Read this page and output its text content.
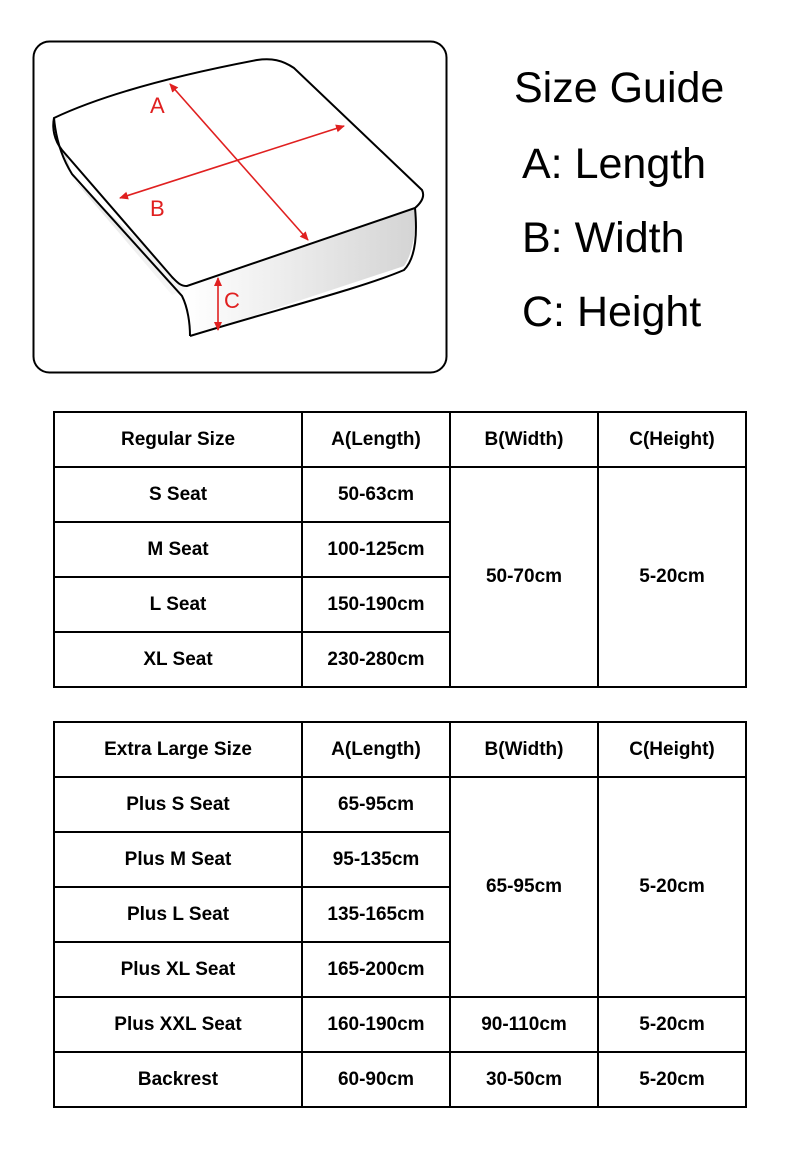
A
B
C
Size Guide
A: Length
B: Width
C: Height
Regular Size	A(Length)	B(Width)	C(Height)
S Seat	50-63cm	50-70cm	5-20cm
M Seat	100-125cm		
L Seat	150-190cm		
XL Seat	230-280cm		
Extra Large Size	A(Length)	B(Width)	C(Height)
Plus S Seat	65-95cm	65-95cm	5-20cm
Plus M Seat	95-135cm		
Plus L Seat	135-165cm		
Plus XL Seat	165-200cm		
Plus XXL Seat	160-190cm	90-110cm	5-20cm
Backrest	60-90cm	30-50cm	5-20cm
